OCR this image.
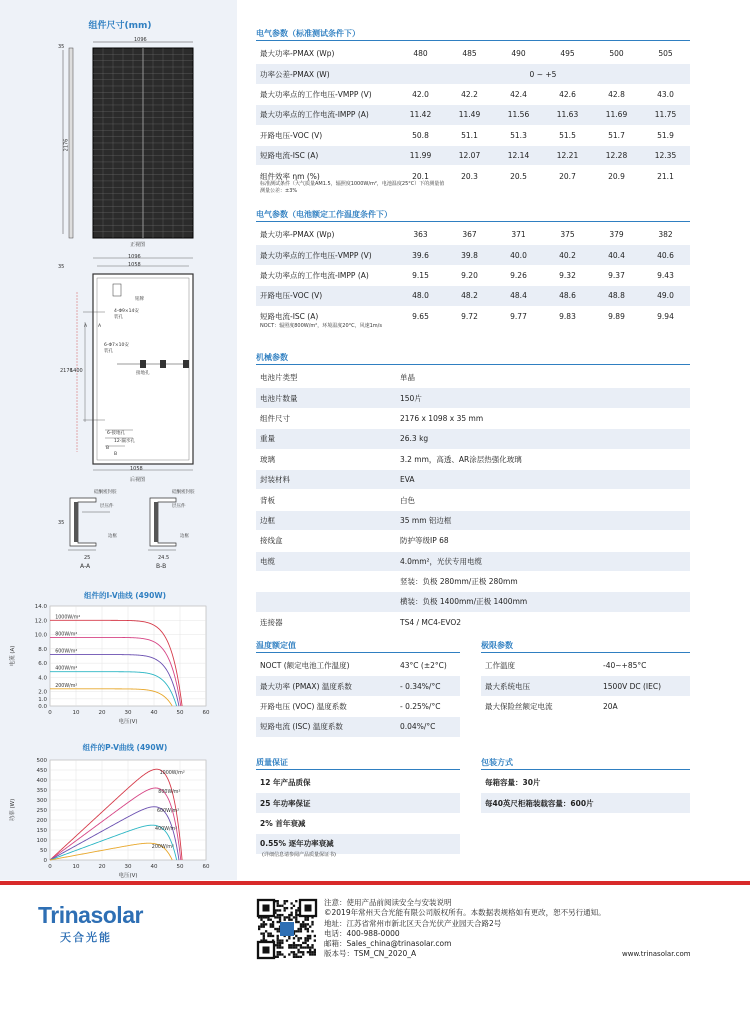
组件尺寸(mm)
1096
35
2176
正视图
1096
1058
35
2176
1400
铭牌
4-Φ9×14安装孔
A A
6-Φ7×10安装孔
接地孔
6-接地孔
12-漏水孔
B
B
1058
后视图
硅酮密封胶
层压件
边框
硅酮密封胶
层压件
边框
35
25	24.5
A-A	B-B
组件的I-V曲线 (490W)
0.0
1.0
2.0
4.0
6.0
8.0
10.0
12.0
14.0
0	10	20	30	40	50	60
电压(V)
电流 (A)
1000W/m²
800W/m²
600W/m²
400W/m²
200W/m²
组件的P-V曲线 (490W)
0
50
100
150
200
250
300
350
400
450
500
0	10	20	30	40	50	60
电压(V)
功率 (W)
1000W/m²
800W/m²
600W/m²
400W/m²
200W/m²
电气参数（标准测试条件下）
最大功率-PMAX (Wp)	480	485	490	495	500	505
功率公差-PMAX (W)	0 ~ +5					
最大功率点的工作电压-VMPP (V)	42.0	42.2	42.4	42.6	42.8	43.0
最大功率点的工作电流-IMPP (A)	11.42	11.49	11.56	11.63	11.69	11.75
开路电压-VOC (V)	50.8	51.1	51.3	51.5	51.7	51.9
短路电流-ISC (A)	11.99	12.07	12.14	12.21	12.28	12.35
组件效率 ηm (%)	20.1	20.3	20.5	20.7	20.9	21.1
标准测试条件（大气质量AM1.5，辐照度1000W/m²，电池温度25°C）下的测量值
测量公差：±3%
电气参数（电池额定工作温度条件下）
最大功率-PMAX (Wp)	363	367	371	375	379	382
最大功率点的工作电压-VMPP (V)	39.6	39.8	40.0	40.2	40.4	40.6
最大功率点的工作电流-IMPP (A)	9.15	9.20	9.26	9.32	9.37	9.43
开路电压-VOC (V)	48.0	48.2	48.4	48.6	48.8	49.0
短路电流-ISC (A)	9.65	9.72	9.77	9.83	9.89	9.94
NOCT：辐照度800W/m²，环境温度20°C，风速1m/s
机械参数
电池片类型	单晶
电池片数量	150片
组件尺寸	2176 x 1098 x 35 mm
重量	26.3 kg
玻璃	3.2 mm，高透、AR涂层热强化玻璃
封装材料	EVA
背板	白色
边框	35 mm 铝边框
接线盒	防护等级IP 68
电缆	4.0mm²，光伏专用电缆
	竖装：负极 280mm/正极 280mm
	横装：负极 1400mm/正极 1400mm
连接器	TS4 / MC4-EVO2
温度额定值
NOCT (额定电池工作温度)	43°C (±2°C)
最大功率 (PMAX) 温度系数	- 0.34%/°C
开路电压 (VOC) 温度系数	- 0.25%/°C
短路电流 (ISC) 温度系数	0.04%/°C
极限参数
工作温度	-40~+85°C
最大系统电压	1500V DC (IEC)
最大保险丝额定电流	20A
质量保证
12 年产品质保
25 年功率保证
2% 首年衰减
0.55% 逐年功率衰减
(详细信息请参阅产品质量保证书)
包装方式
每箱容量：30片
每40英尺柜箱装载容量：600片
Trinasolar
天合光能
注意：使用产品前阅读安全与安装说明
©2019年常州天合光能有限公司版权所有。本数据表规格如有更改，恕不另行通知。
地址：江苏省常州市新北区天合光伏产业园天合路2号
电话：400-988-0000
邮箱：Sales_china@trinasolar.com
版本号：TSM_CN_2020_A	www.trinasolar.com
